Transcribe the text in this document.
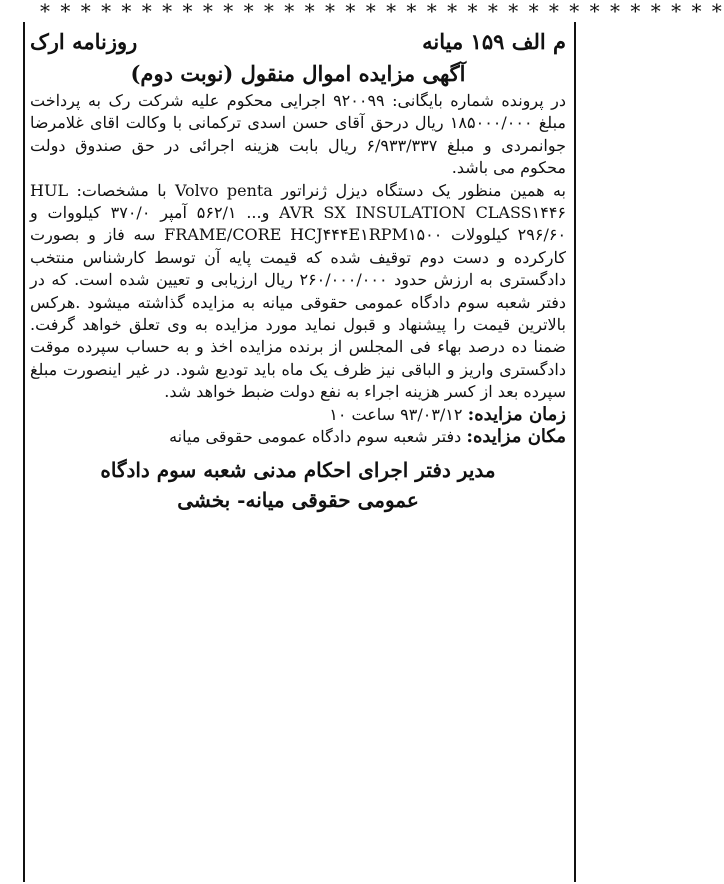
* * * * * * * * * * * * * * * * * * * * * * * * * * * * * * * * * *
م الف ۱۵۹ میانه
روزنامه ارک
آگهی مزایده اموال منقول (نوبت دوم)

در پرونده شماره بایگانی: ۹۲۰۰۹۹ اجرایی محکوم علیه شرکت رک به پرداخت مبلغ ۱۸۵۰۰۰/۰۰۰ ریال درحق آقای حسن اسدی ترکمانی با وکالت اقای غلامرضا جوانمردی و مبلغ ۶/۹۳۳/۳۳۷ ریال بابت هزینه اجرائی در حق صندوق دولت محکوم می باشد.

به همین منظور یک دستگاه دیزل ژنراتور Volvo penta با مشخصات: HUL AVR SX INSULATION CLASS۱۴۴۶ و... ۵۶۲/۱ آمپر ۳۷۰/۰ کیلووات و ۲۹۶/۶۰ کیلوولات FRAME/CORE HCJ۴۴۴E۱RPM۱۵۰۰ سه فاز و بصورت کارکرده و دست دوم توقیف شده که قیمت پایه آن توسط کارشناس منتخب دادگستری به ارزش حدود ۲۶۰/۰۰۰/۰۰۰ ریال ارزیابی و تعیین شده است. که در دفتر شعبه سوم دادگاه عمومی حقوقی میانه به مزایده گذاشته میشود .هرکس بالاترین قیمت را پیشنهاد و قبول نماید مورد مزایده به وی تعلق خواهد گرفت. ضمنا ده درصد بهاء فی المجلس از برنده مزایده اخذ و به حساب سپرده موقت دادگستری واریز و الباقی نیز ظرف یک ماه باید تودیع شود. در غیر اینصورت مبلغ سپرده بعد از کسر هزینه اجراء به نفع دولت ضبط خواهد شد.

زمان مزایده: ۹۳/۰۳/۱۲ ساعت ۱۰
مکان مزایده: دفتر شعبه سوم دادگاه عمومی حقوقی میانه
مدیر دفتر اجرای احکام مدنی شعبه سوم دادگاه
عمومی حقوقی میانه- بخشی
